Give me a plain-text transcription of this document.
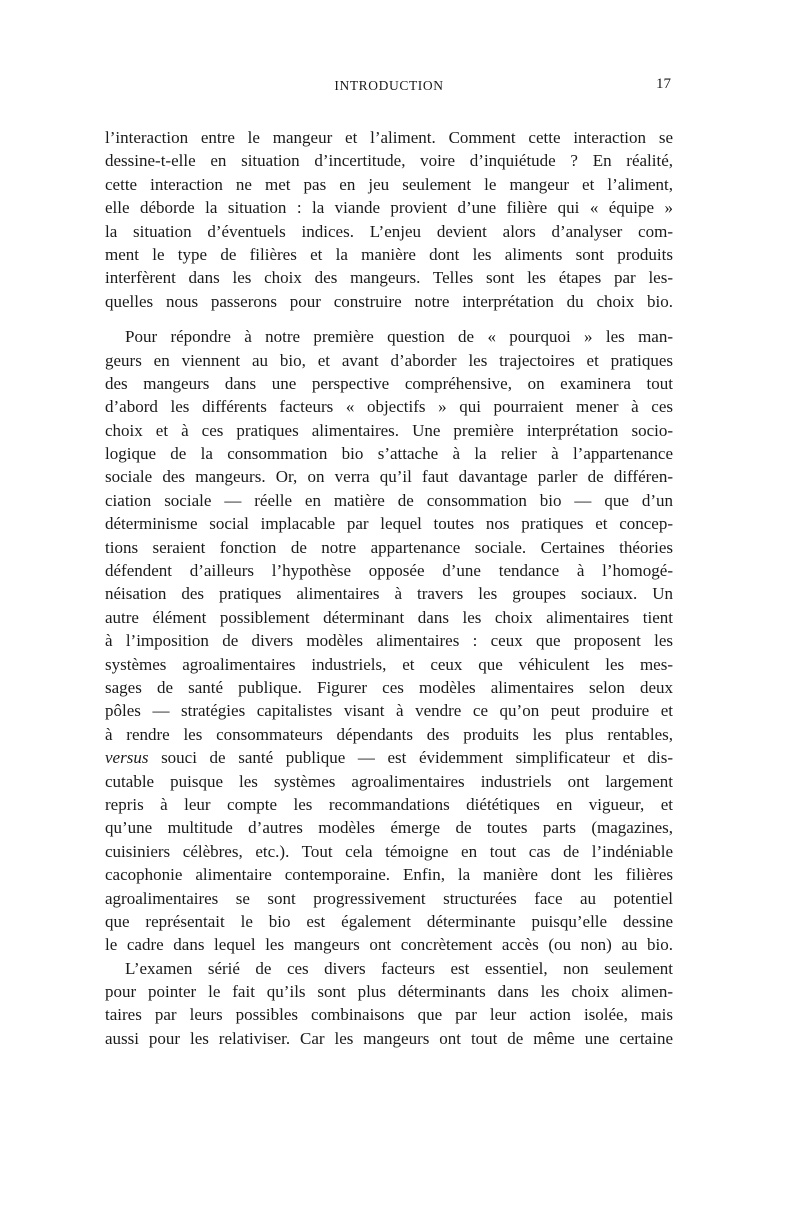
INTRODUCTION	17
l’interaction entre le mangeur et l’aliment. Comment cette interaction se
dessine-t-elle en situation d’incertitude, voire d’inquiétude ? En réalité,
cette interaction ne met pas en jeu seulement le mangeur et l’aliment,
elle déborde la situation : la viande provient d’une filière qui « équipe »
la situation d’éventuels indices. L’enjeu devient alors d’analyser com-
ment le type de filières et la manière dont les aliments sont produits
interfèrent dans les choix des mangeurs. Telles sont les étapes par les-
quelles nous passerons pour construire notre interprétation du choix bio.
Pour répondre à notre première question de « pourquoi » les man-
geurs en viennent au bio, et avant d’aborder les trajectoires et pratiques
des mangeurs dans une perspective compréhensive, on examinera tout
d’abord les différents facteurs « objectifs » qui pourraient mener à ces
choix et à ces pratiques alimentaires. Une première interprétation socio-
logique de la consommation bio s’attache à la relier à l’appartenance
sociale des mangeurs. Or, on verra qu’il faut davantage parler de différen-
ciation sociale — réelle en matière de consommation bio — que d’un
déterminisme social implacable par lequel toutes nos pratiques et concep-
tions seraient fonction de notre appartenance sociale. Certaines théories
défendent d’ailleurs l’hypothèse opposée d’une tendance à l’homogé-
néisation des pratiques alimentaires à travers les groupes sociaux. Un
autre élément possiblement déterminant dans les choix alimentaires tient
à l’imposition de divers modèles alimentaires : ceux que proposent les
systèmes agroalimentaires industriels, et ceux que véhiculent les mes-
sages de santé publique. Figurer ces modèles alimentaires selon deux
pôles — stratégies capitalistes visant à vendre ce qu’on peut produire et
à rendre les consommateurs dépendants des produits les plus rentables,
versus souci de santé publique — est évidemment simplificateur et dis-
cutable puisque les systèmes agroalimentaires industriels ont largement
repris à leur compte les recommandations diététiques en vigueur, et
qu’une multitude d’autres modèles émerge de toutes parts (magazines,
cuisiniers célèbres, etc.). Tout cela témoigne en tout cas de l’indéniable
cacophonie alimentaire contemporaine. Enfin, la manière dont les filières
agroalimentaires se sont progressivement structurées face au potentiel
que représentait le bio est également déterminante puisqu’elle dessine
le cadre dans lequel les mangeurs ont concrètement accès (ou non) au bio.
L’examen sérié de ces divers facteurs est essentiel, non seulement
pour pointer le fait qu’ils sont plus déterminants dans les choix alimen-
taires par leurs possibles combinaisons que par leur action isolée, mais
aussi pour les relativiser. Car les mangeurs ont tout de même une certaine
